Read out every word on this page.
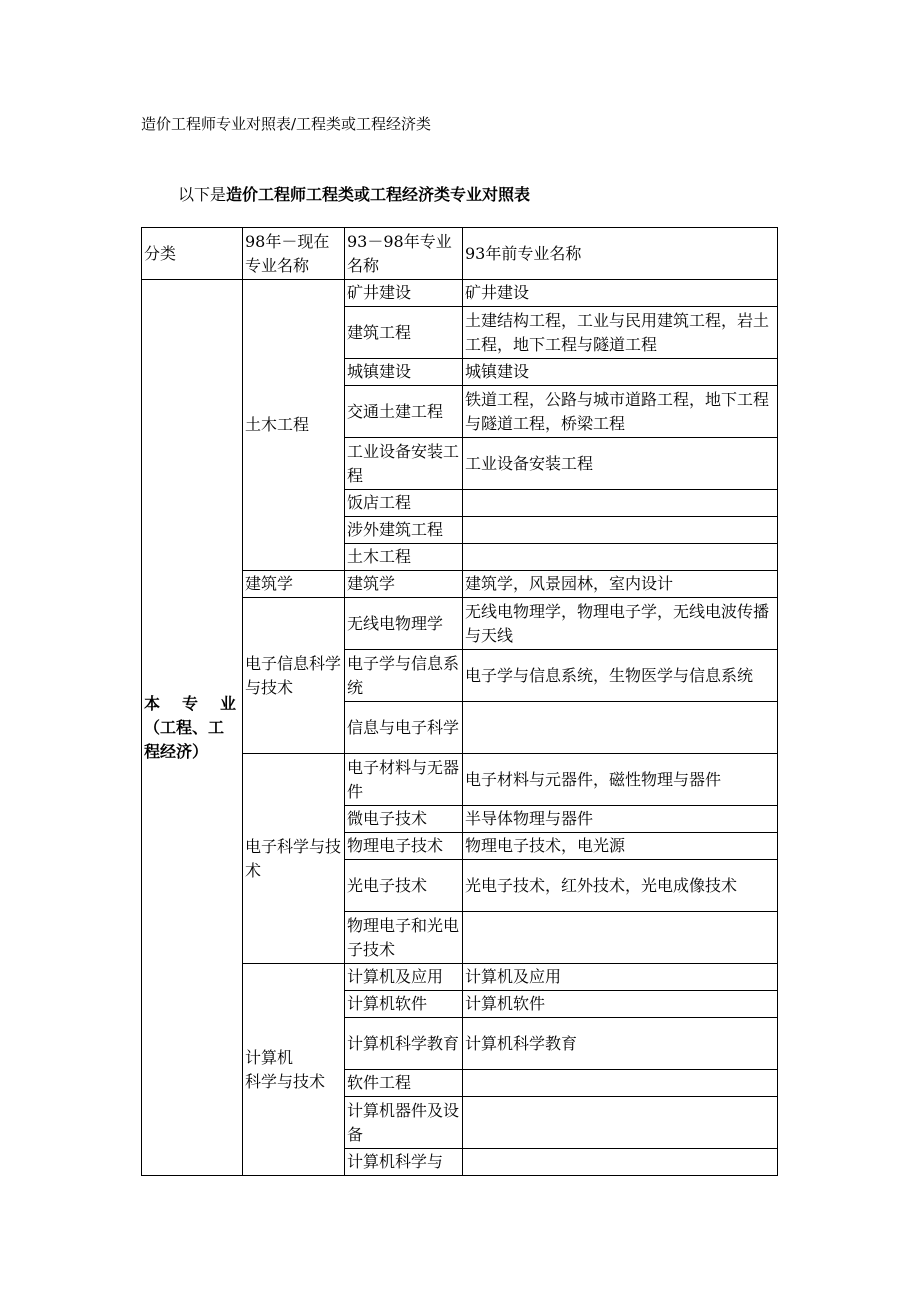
造价工程师专业对照表/工程类或工程经济类
以下是造价工程师工程类或工程经济类专业对照表
分类	98年－现在专业名称	93－98年专业名称	93年前专业名称

本 专 业
（工程、工
程经济）	土木工程	矿井建设	矿井建设
		建筑工程	土建结构工程，工业与民用建筑工程，岩土工程，地下工程与隧道工程
		城镇建设	城镇建设
		交通土建工程	铁道工程，公路与城市道路工程，地下工程与隧道工程，桥梁工程
		工业设备安装工程	工业设备安装工程
		饭店工程	
		涉外建筑工程	
		土木工程	
	建筑学	建筑学	建筑学，风景园林，室内设计
	电子信息科学与技术	无线电物理学	无线电物理学，物理电子学，无线电波传播与天线
		电子学与信息系统	电子学与信息系统，生物医学与信息系统
		信息与电子科学	
	电子科学与技术	电子材料与无器件	电子材料与元器件，磁性物理与器件
		微电子技术	半导体物理与器件
		物理电子技术	物理电子技术，电光源
		光电子技术	光电子技术，红外技术，光电成像技术
		物理电子和光电子技术	

	计算机
科学与技术	计算机及应用	计算机及应用
		计算机软件	计算机软件
		计算机科学教育	计算机科学教育
		软件工程	
		计算机器件及设备	
		计算机科学与	
